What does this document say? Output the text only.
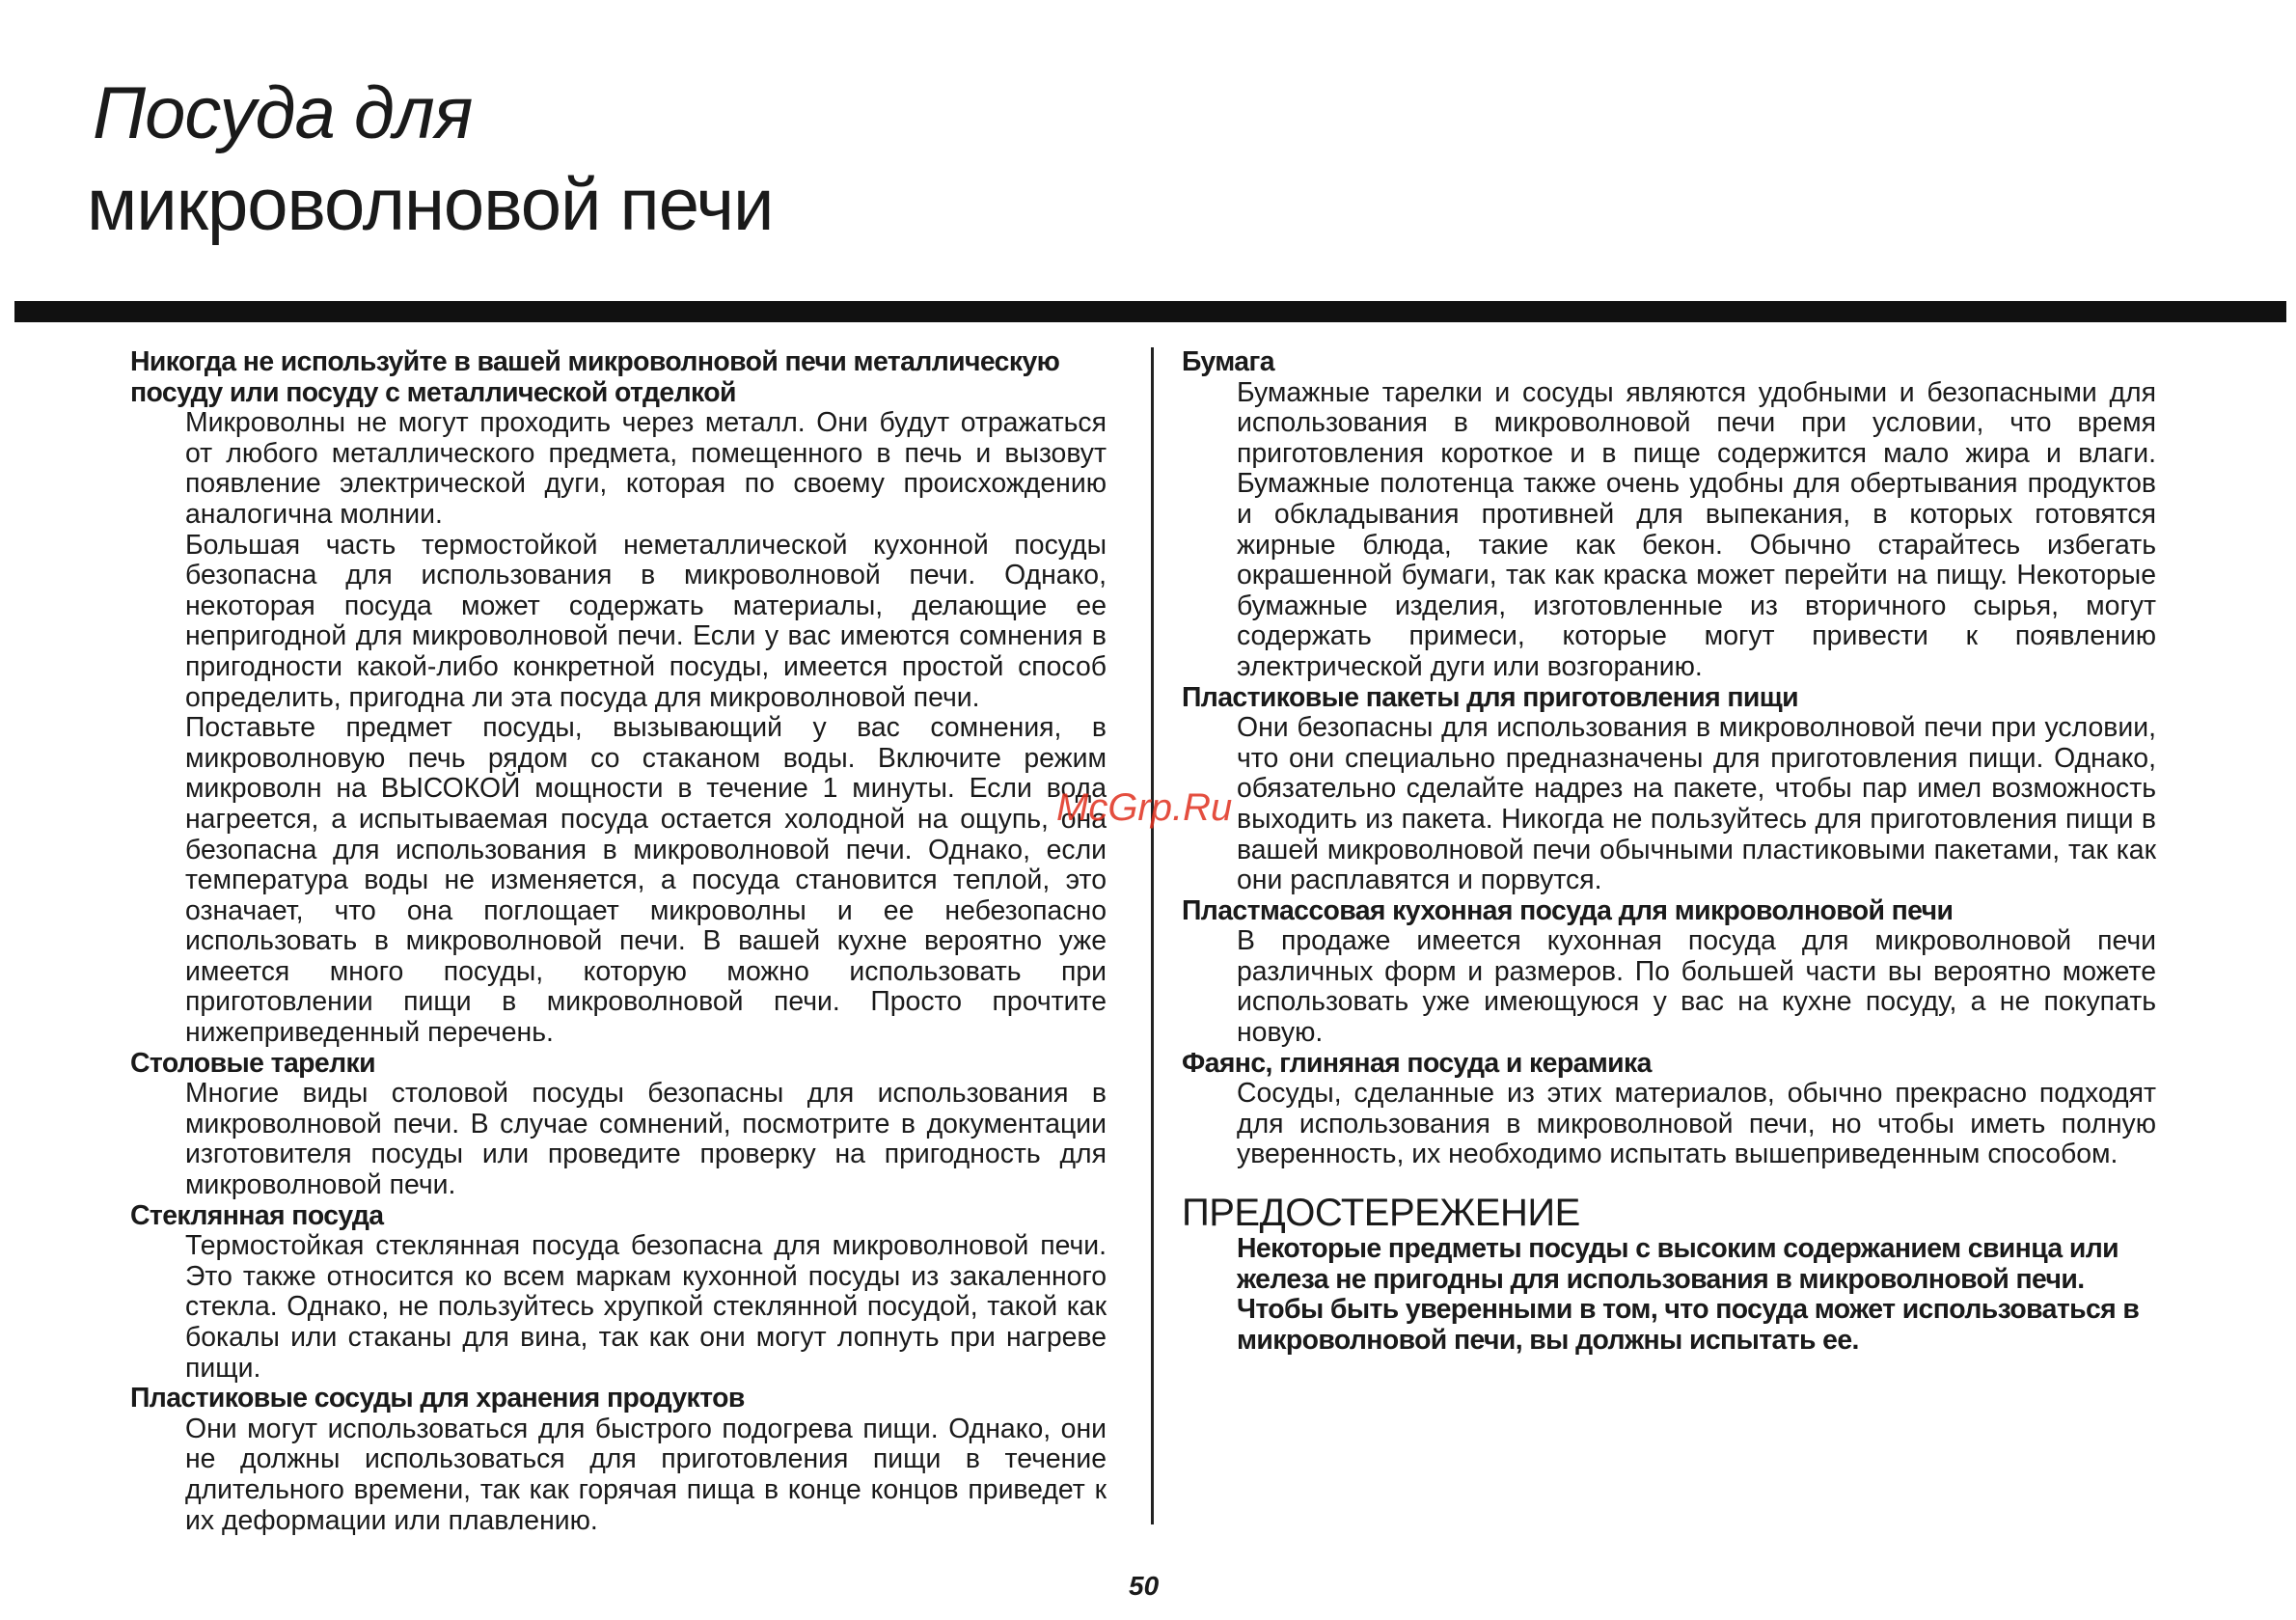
Посуда для
микроволновой печи
Никогда не используйте в вашей микроволновой печи металлическую посуду или посуду с металлической отделкой
Микроволны не могут проходить через металл. Они будут отражаться от любого металлического предмета, помещенного в печь и вызовут появление электрической дуги, которая по своему происхождению аналогична молнии.
Большая часть термостойкой неметаллической кухонной посуды безопасна для использования в микроволновой печи. Однако, некоторая посуда может содержать материалы, делающие ее непригодной для микроволновой печи. Если у вас имеются сомнения в пригодности какой-либо конкретной посуды, имеется простой способ определить, пригодна ли эта посуда для микроволновой печи.
Поставьте предмет посуды, вызывающий у вас сомнения, в микроволновую печь рядом со стаканом воды. Включите режим микроволн на ВЫСОКОЙ мощности в течение 1 минуты. Если вода нагреется, а испытываемая посуда остается холодной на ощупь, она безопасна для использования в микроволновой печи. Однако, если температура воды не изменяется, а посуда становится теплой, это означает, что она поглощает микроволны и ее небезопасно использовать в микроволновой печи. В вашей кухне вероятно уже имеется много посуды, которую можно использовать при приготовлении пищи в микроволновой печи. Просто прочтите нижеприведенный перечень.
Столовые тарелки
Многие виды столовой посуды безопасны для использования в микроволновой печи. В случае сомнений, посмотрите в документации изготовителя посуды или проведите проверку на пригодность для микроволновой печи.
Стеклянная посуда
Термостойкая стеклянная посуда безопасна для микроволновой печи. Это также относится ко всем маркам кухонной посуды из закаленного стекла. Однако, не пользуйтесь хрупкой стеклянной посудой, такой как бокалы или стаканы для вина, так как они могут лопнуть при нагреве пищи.
Пластиковые сосуды для хранения продуктов
Они могут использоваться для быстрого подогрева пищи. Однако, они не должны использоваться для приготовления пищи в течение длительного времени, так как горячая пища в конце концов приведет к их деформации или плавлению.
Бумага
Бумажные тарелки и сосуды являются удобными и безопасными для использования в микроволновой печи при условии, что время приготовления короткое и в пище содержится мало жира и влаги. Бумажные полотенца также очень удобны для обертывания продуктов и обкладывания противней для выпекания, в которых готовятся жирные блюда, такие как бекон. Обычно старайтесь избегать окрашенной бумаги, так как краска может перейти на пищу. Некоторые бумажные изделия, изготовленные из вторичного сырья, могут содержать примеси, которые могут привести к появлению электрической дуги или возгоранию.
Пластиковые пакеты для приготовления пищи
Они безопасны для использования в микроволновой печи при условии, что они специально предназначены для приготовления пищи. Однако, обязательно сделайте надрез на пакете, чтобы пар имел возможность выходить из пакета. Никогда не пользуйтесь для приготовления пищи в вашей микроволновой печи обычными пластиковыми пакетами, так как они расплавятся и порвутся.
Пластмассовая кухонная посуда для микроволновой печи
В продаже имеется кухонная посуда для микроволновой печи различных форм и размеров. По большей части вы вероятно можете использовать уже имеющуюся у вас на кухне посуду, а не покупать новую.
Фаянс, глиняная посуда и керамика
Сосуды, сделанные из этих материалов, обычно прекрасно подходят для использования в микроволновой печи, но чтобы иметь полную уверенность, их необходимо испытать вышеприведенным способом.
ПРЕДОСТЕРЕЖЕНИЕ
Некоторые предметы посуды с высоким содержанием свинца или железа не пригодны для использования в микроволновой печи.
Чтобы быть уверенными в том, что посуда может использоваться в микроволновой печи, вы должны испытать ее.
McGrp.Ru
50
